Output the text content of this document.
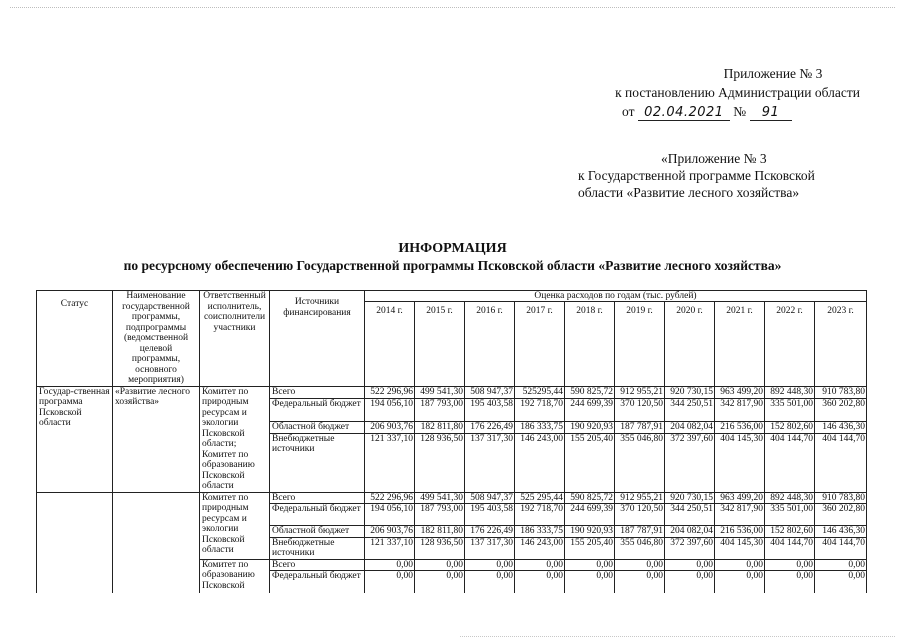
Приложение № 3
к постановлению Администрации области
от 02.04.2021 № 91
«Приложение № 3
к Государственной программе Псковской
области «Развитие лесного хозяйства»
ИНФОРМАЦИЯ
по ресурсному обеспечению Государственной программы Псковской области «Развитие лесного хозяйства»
Статус	Наименование государственной программы, подпрограммы (ведомственной целевой программы, основного мероприятия)	Ответственный исполнитель, соисполнители участники	Источники финансирования	Оценка расходов по годам (тыс. рублей)									
				2014 г.	2015 г.	2016 г.	2017 г.	2018 г.	2019 г.	2020 г.	2021 г.	2022 г.	2023 г.
Государ-ственная программа Псковской области	«Развитие лесного хозяйства»	Комитет по природным ресурсам и экологии Псковской области; Комитет по образованию Псковской области	Всего	522 296,96	499 541,30	508 947,37	525295,44	590 825,72	912 955,21	920 730,15	963 499,20	892 448,30	910 783,80
			Федеральный бюджет	194 056,10	187 793,00	195 403,58	192 718,70	244 699,39	370 120,50	344 250,51	342 817,90	335 501,00	360 202,80
			Областной бюджет	206 903,76	182 811,80	176 226,49	186 333,75	190 920,93	187 787,91	204 082,04	216 536,00	152 802,60	146 436,30
			Внебюджетные источники	121 337,10	128 936,50	137 317,30	146 243,00	155 205,40	355 046,80	372 397,60	404 145,30	404 144,70	404 144,70
		Комитет по природным ресурсам и экологии Псковской области	Всего	522 296,96	499 541,30	508 947,37	525 295,44	590 825,72	912 955,21	920 730,15	963 499,20	892 448,30	910 783,80
			Федеральный бюджет	194 056,10	187 793,00	195 403,58	192 718,70	244 699,39	370 120,50	344 250,51	342 817,90	335 501,00	360 202,80
			Областной бюджет	206 903,76	182 811,80	176 226,49	186 333,75	190 920,93	187 787,91	204 082,04	216 536,00	152 802,60	146 436,30
			Внебюджетные источники	121 337,10	128 936,50	137 317,30	146 243,00	155 205,40	355 046,80	372 397,60	404 145,30	404 144,70	404 144,70
		Комитет по образованию Псковской	Всего	0,00	0,00	0,00	0,00	0,00	0,00	0,00	0,00	0,00	0,00
			Федеральный бюджет	0,00	0,00	0,00	0,00	0,00	0,00	0,00	0,00	0,00	0,00
